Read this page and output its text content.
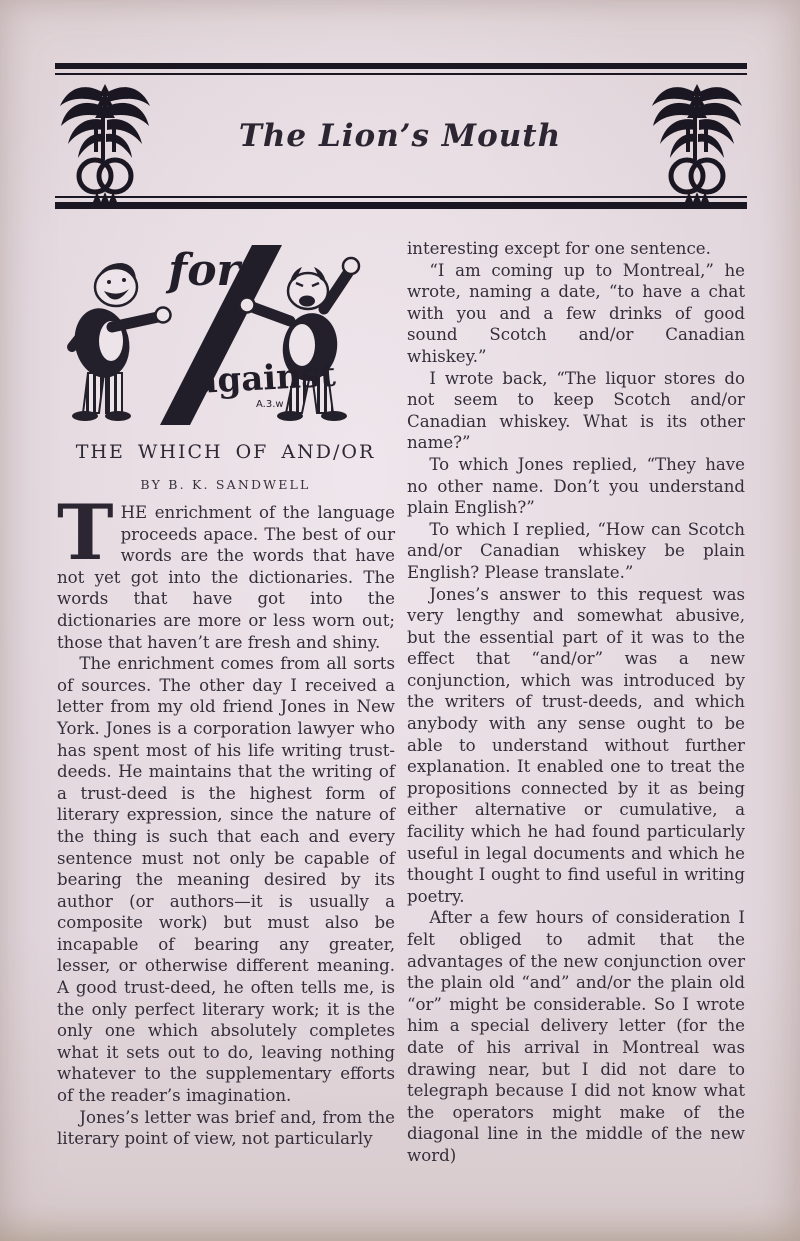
The Lion’s Mouth
for
against
A.3.w
THE WHICH OF AND/OR
BY B. K. SANDWELL

THE enrichment of the language proceeds apace. The best of our words are the words that have not yet got into the dictionaries. The words that have got into the dictionaries are more or less worn out; those that haven’t are fresh and shiny.

The enrichment comes from all sorts of sources. The other day I received a letter from my old friend Jones in New York. Jones is a corporation lawyer who has spent most of his life writing trust-deeds. He maintains that the writing of a trust-deed is the highest form of literary expression, since the nature of the thing is such that each and every sentence must not only be capable of bearing the meaning desired by its author (or authors—it is usually a composite work) but must also be incapable of bearing any greater, lesser, or otherwise different meaning. A good trust-deed, he often tells me, is the only perfect literary work; it is the only one which absolutely completes what it sets out to do, leaving nothing whatever to the supplementary efforts of the reader’s imagination.

Jones’s letter was brief and, from the literary point of view, not particularly

interesting except for one sentence.

“I am coming up to Montreal,” he wrote, naming a date, “to have a chat with you and a few drinks of good sound Scotch and/or Canadian whiskey.”

I wrote back, “The liquor stores do not seem to keep Scotch and/or Canadian whiskey. What is its other name?”

To which Jones replied, “They have no other name. Don’t you understand plain English?”

To which I replied, “How can Scotch and/or Canadian whiskey be plain English? Please translate.”

Jones’s answer to this request was very lengthy and somewhat abusive, but the essential part of it was to the effect that “and/or” was a new conjunction, which was introduced by the writers of trust-deeds, and which anybody with any sense ought to be able to understand without further explanation. It enabled one to treat the propositions connected by it as being either alternative or cumulative, a facility which he had found particularly useful in legal documents and which he thought I ought to find useful in writing poetry.

After a few hours of consideration I felt obliged to admit that the advantages of the new conjunction over the plain old “and” and/or the plain old “or” might be considerable. So I wrote him a special delivery letter (for the date of his arrival in Montreal was drawing near, but I did not dare to telegraph because I did not know what the operators might make of the diagonal line in the middle of the new word)
